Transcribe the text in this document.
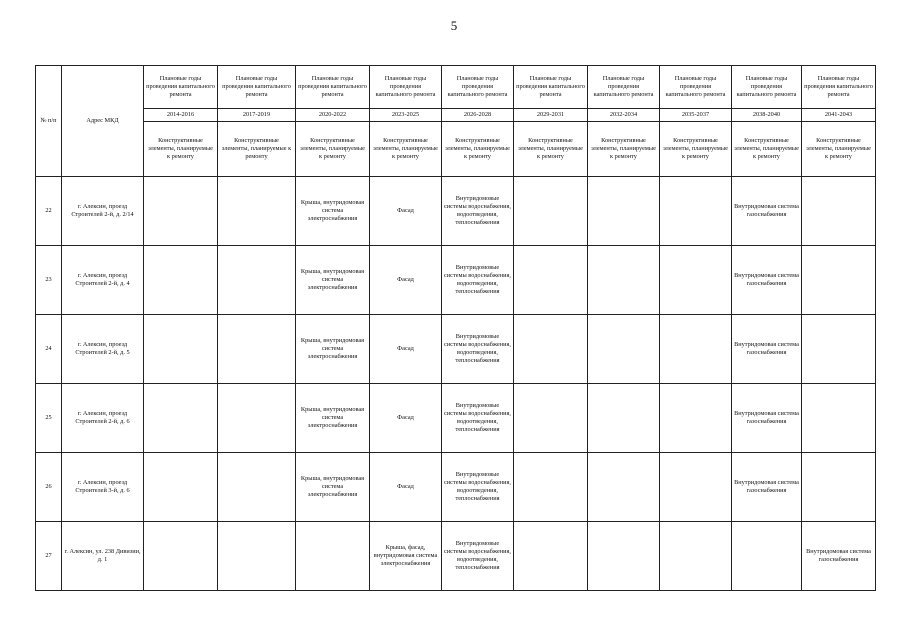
5
№ п/п	Адрес МКД	Плановые годы проведения капитального ремонта	Плановые годы проведения капитального ремонта	Плановые годы проведения капитального ремонта	Плановые годы проведения капитального ремонта	Плановые годы проведения капитального ремонта	Плановые годы проведения капитального ремонта	Плановые годы проведения капитального ремонта	Плановые годы проведения капитального ремонта	Плановые годы проведения капитального ремонта	Плановые годы проведения капитального ремонта
		2014-2016	2017-2019	2020-2022	2023-2025	2026-2028	2029-2031	2032-2034	2035-2037	2038-2040	2041-2043
		Конструктивные элементы, планируемые к ремонту	Конструктивные элементы, планируемые к ремонту	Конструктивные элементы, планируемые к ремонту	Конструктивные элементы, планируемые к ремонту	Конструктивные элементы, планируемые к ремонту	Конструктивные элементы, планируемые к ремонту	Конструктивные элементы, планируемые к ремонту	Конструктивные элементы, планируемые к ремонту	Конструктивные элементы, планируемые к ремонту	Конструктивные элементы, планируемые к ремонту
22	г. Алексин, проезд Строителей 2-й, д. 2/14			Крыша, внутридомовая система электроснабжения	Фасад	Внутридомовые системы водоснабжения, водоотведения, теплоснабжения				Внутридомовая система газоснабжения	
23	г. Алексин, проезд Строителей 2-й, д. 4			Крыша, внутридомовая система электроснабжения	Фасад	Внутридомовые системы водоснабжения, водоотведения, теплоснабжения				Внутридомовая система газоснабжения	
24	г. Алексин, проезд Строителей 2-й, д. 5			Крыша, внутридомовая система электроснабжения	Фасад	Внутридомовые системы водоснабжения, водоотведения, теплоснабжения				Внутридомовая система газоснабжения	
25	г. Алексин, проезд Строителей 2-й, д. 6			Крыша, внутридомовая система электроснабжения	Фасад	Внутридомовые системы водоснабжения, водоотведения, теплоснабжения				Внутридомовая система газоснабжения	
26	г. Алексин, проезд Строителей 3-й, д. 6			Крыша, внутридомовая система электроснабжения	Фасад	Внутридомовые системы водоснабжения, водоотведения, теплоснабжения				Внутридомовая система газоснабжения	
27	г. Алексин, ул. 238 Дивизии, д. 1				Крыша, фасад, внутридомовая система электроснабжения	Внутридомовые системы водоснабжения, водоотведения, теплоснабжения					Внутридомовая система газоснабжения
